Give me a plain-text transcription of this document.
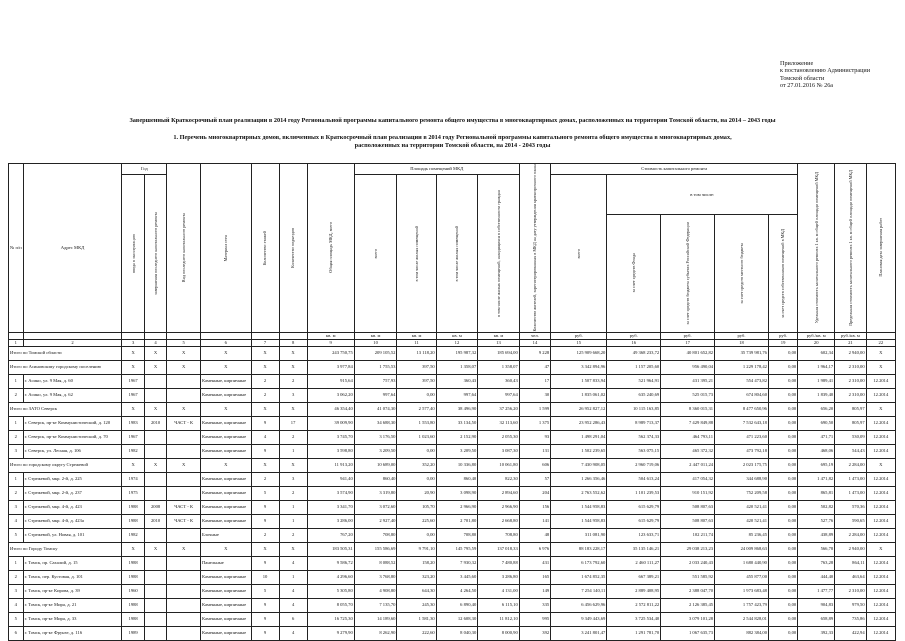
Приложение
к постановлению Администрации
Томской области
от 27.01.2016 № 26а
Завершенный Краткосрочный план реализации в 2014 году Региональной программы капитального ремонта общего имущества в многоквартирных домах, расположенных на территории Томской области, на 2014 – 2043 годы
1. Перечень многоквартирных домов, включенных в Краткосрочный план реализации в 2014 году Региональной программы капитального ремонта общего имущества в многоквартирных домах,
расположенных на территории Томской области, на 2014 - 2043 годы
№ п/п	Адрес МКД	Год		Вид последнего капитального ремонта	Материал стен	Количество этажей	Количество подъездов	Общая площадь МКД, всего	Площадь помещений МКД				Количество жителей, зарегистрированных в МКД на дату утверждения краткосрочного плана	Стоимость капитального ремонта					Удельная стоимость капитального ремонта 1 кв. м общей площади помещений МКД	Предельная стоимость капитального ремонта 1 кв. м общей площади помещений МКД	Плановая дата завершения работ

		ввода в эксплуатацию	завершения последнего капитального ремонта						всего	в том числе жилых помещений	в том числе жилых помещений	в том числе жилых помещений, находящихся в собственности граждан		всего	в том числе:						

															за счет средств Фонда	за счет средств бюджета субъекта Российской Федерации	за счет средств местного бюджета	за счет средств собственников помещений в МКД			

								кв. м	кв. м	кв. м	кв. м	кв. м	чел.	руб.	руб.	руб.	руб.	руб.	руб./кв. м	руб./кв. м	
1	2	3	4	5	6	7	8	9	10	11	12	13	14	15	16	17	18	19	20	21	22
Итого по Томской области		X	X	X	X	X	X	243 750,75	209 105,52	13 118,20	195 987,32	185 694,00	9 228	125 909 668,20	49 368 233,72	40 801 652,82	35 739 981,76	0,00	602,34	2 940,00	X
Итого по Асиновскому городскому поселению		X	X	X	X	X	X	3 977,84	1 755,53	397,50	1 358,07	1 358,07	47	3 342 894,96	1 157 205,60	956 490,04	1 229 178,42	0,00	1 964,17	2 310,00	X
1	г. Асино, ул. 9 Мая, д. 60	1967			Каменные, кирпичные	2	2	915,64	757,93	397,50	360,43	360,43	17	1 507 833,94	521 964,91	431 395,21	554 473,82	0,00	1 989,41	2 310,00	12.2014
2	г. Асино, ул. 9 Мая, д. 62	1967			Каменные, кирпичные	2	3	3 062,20	997,64	0,00	997,64	997,64	30	1 835 061,02	635 240,69	525 015,73	674 804,60	0,00	1 839,40	2 310,00	12.2014
Итого по ЗАТО Северск		X	X	X	X	X	X	46 354,40	41 074,30	2 577,40	38 496,90	37 256,20	1 599	26 952 827,12	10 115 163,85	8 360 015,31	8 477 650,96	0,00	656,20	805,97	X
1	г. Северск, пр-кт Коммунистический, д. 120	1983	2010	ЧАСТ - К	Каменные, кирпичные	9	17	39 009,90	34 688,30	1 553,80	33 134,50	32 113,60	1 375	23 952 286,43	8 989 713,37	7 429 849,88	7 532 643,18	0,00	690,50	805,97	12.2014
2	г. Северск, пр-кт Коммунистический, д. 70	1967			Каменные, кирпичные	4	2	3 745,70	3 176,50	1 023,60	2 152,90	2 055,30	93	1 498 291,04	562 374,33	464 793,11	471 223,60	0,00	471,71	530,09	12.2014
3	г. Северск, ул. Лесная, д. 106	1982			Каменные, кирпичные	9	1	3 598,80	3 209,50	0,00	3 209,50	3 087,30	131	1 502 239,65	563 075,15	465 372,32	473 792,18	0,00	468,06	544,43	12.2014
Итого по городскому округу Стрежевой		X	X	X	X	X	X	11 913,20	10 689,00	352,20	10 336,80	10 061,80	606	7 430 908,05	2 960 719,06	2 447 011,24	2 023 175,75	0,00	695,19	2 284,00	X
1	г. Стрежевой, мкр. 2-й, д. 225	1974			Каменные, кирпичные	2	3	941,40	860,40	0,00	860,40	822,30	57	1 266 356,46	504 613,24	417 054,32	344 688,90	0,00	1 471,82	1 473,00	12.2014
2	г. Стрежевой, мкр. 2-й, д. 237	1975			Каменные, кирпичные	5	2	3 574,90	3 319,80	20,90	3 098,90	2 894,60	204	2 763 552,62	1 101 239,53	910 151,92	752 209,58	0,00	865,81	1 473,00	12.2014
3	г. Стрежевой, мкр. 4-й, д. 423	1988	2008	ЧАСТ - К	Каменные, кирпичные	9	1	3 341,70	3 072,60	105,70	2 966,90	2 966,90	156	1 544 958,83	615 629,79	508 807,63	420 521,41	0,00	502,82	570,36	12.2014
4	г. Стрежевой, мкр. 4-й, д. 423а	1988	2010	ЧАСТ - К	Каменные, кирпичные	9	1	3 286,00	2 927,40	225,60	2 701,80	2 668,80	141	1 544 958,83	615 629,79	508 807,63	420 521,41	0,00	527,76	590,65	12.2014
5	г. Стрежевой, ул. Новая, д. 101	1982			Блочные	2	2	767,20	708,80	0,00	708,80	708,80	48	311 081,90	123 633,71	102 211,74	85 236,45	0,00	438,89	2 284,00	12.2014
Итого по Городу Томску		X	X	X	X	X	X	183 505,31	155 586,69	9 791,10	145 795,59	137 018,33	6 976	88 183 228,17	35 135 146,21	29 038 213,23	24 009 868,63	0,00	566,78	2 940,00	X
1	г. Томск, пр. Сахалий, д. 15	1988			Панельные	9	4	9 586,72	8 088,52	158,20	7 930,32	7 480,88	431	6 173 792,60	2 460 111,27	2 033 240,43	1 680 440,90	0,00	763,28	864,11	12.2014
2	г. Томск, пер. Кустовая, д. 101	1988			Каменные, кирпичные	10	1	4 296,60	3 768,80	323,20	3 445,60	3 286,80	165	1 674 852,35	667 389,21	551 585,92	455 877,00	0,00	444,40	463,64	12.2014
3	г. Томск, пр-кт Кирова, д. 39	1960			Каменные, кирпичные	5	4	5 305,80	4 908,80	644,30	4 264,50	4 131,00	149	7 254 140,11	2 889 408,95	2 388 047,70	1 973 683,48	0,00	1 477,77	2 310,00	12.2014
4	г. Томск, пр-кт Мира, д. 21	1988			Каменные, кирпичные	9	4	8 055,70	7 135,70	245,30	6 890,40	6 115,10	335	6 456 629,96	2 572 811,22	2 126 385,45	1 757 423,79	0,00	904,83	979,50	12.2014
5	г. Томск, пр-кт Мира, д. 33	1988			Каменные, кирпичные	9	6	16 725,30	14 189,60	1 581,30	12 608,30	11 812,10	995	9 349 443,69	3 725 534,40	3 079 101,28	2 544 828,01	0,00	658,89	735,86	12.2014
6	г. Томск, пр-кт Фрунзе, д. 116	1989			Каменные, кирпичные	9	4	9 279,90	8 262,90	222,60	8 040,30	8 000,90	392	3 241 801,47	1 291 781,70	1 067 635,73	882 384,00	0,00	392,33	422,94	12.2014
